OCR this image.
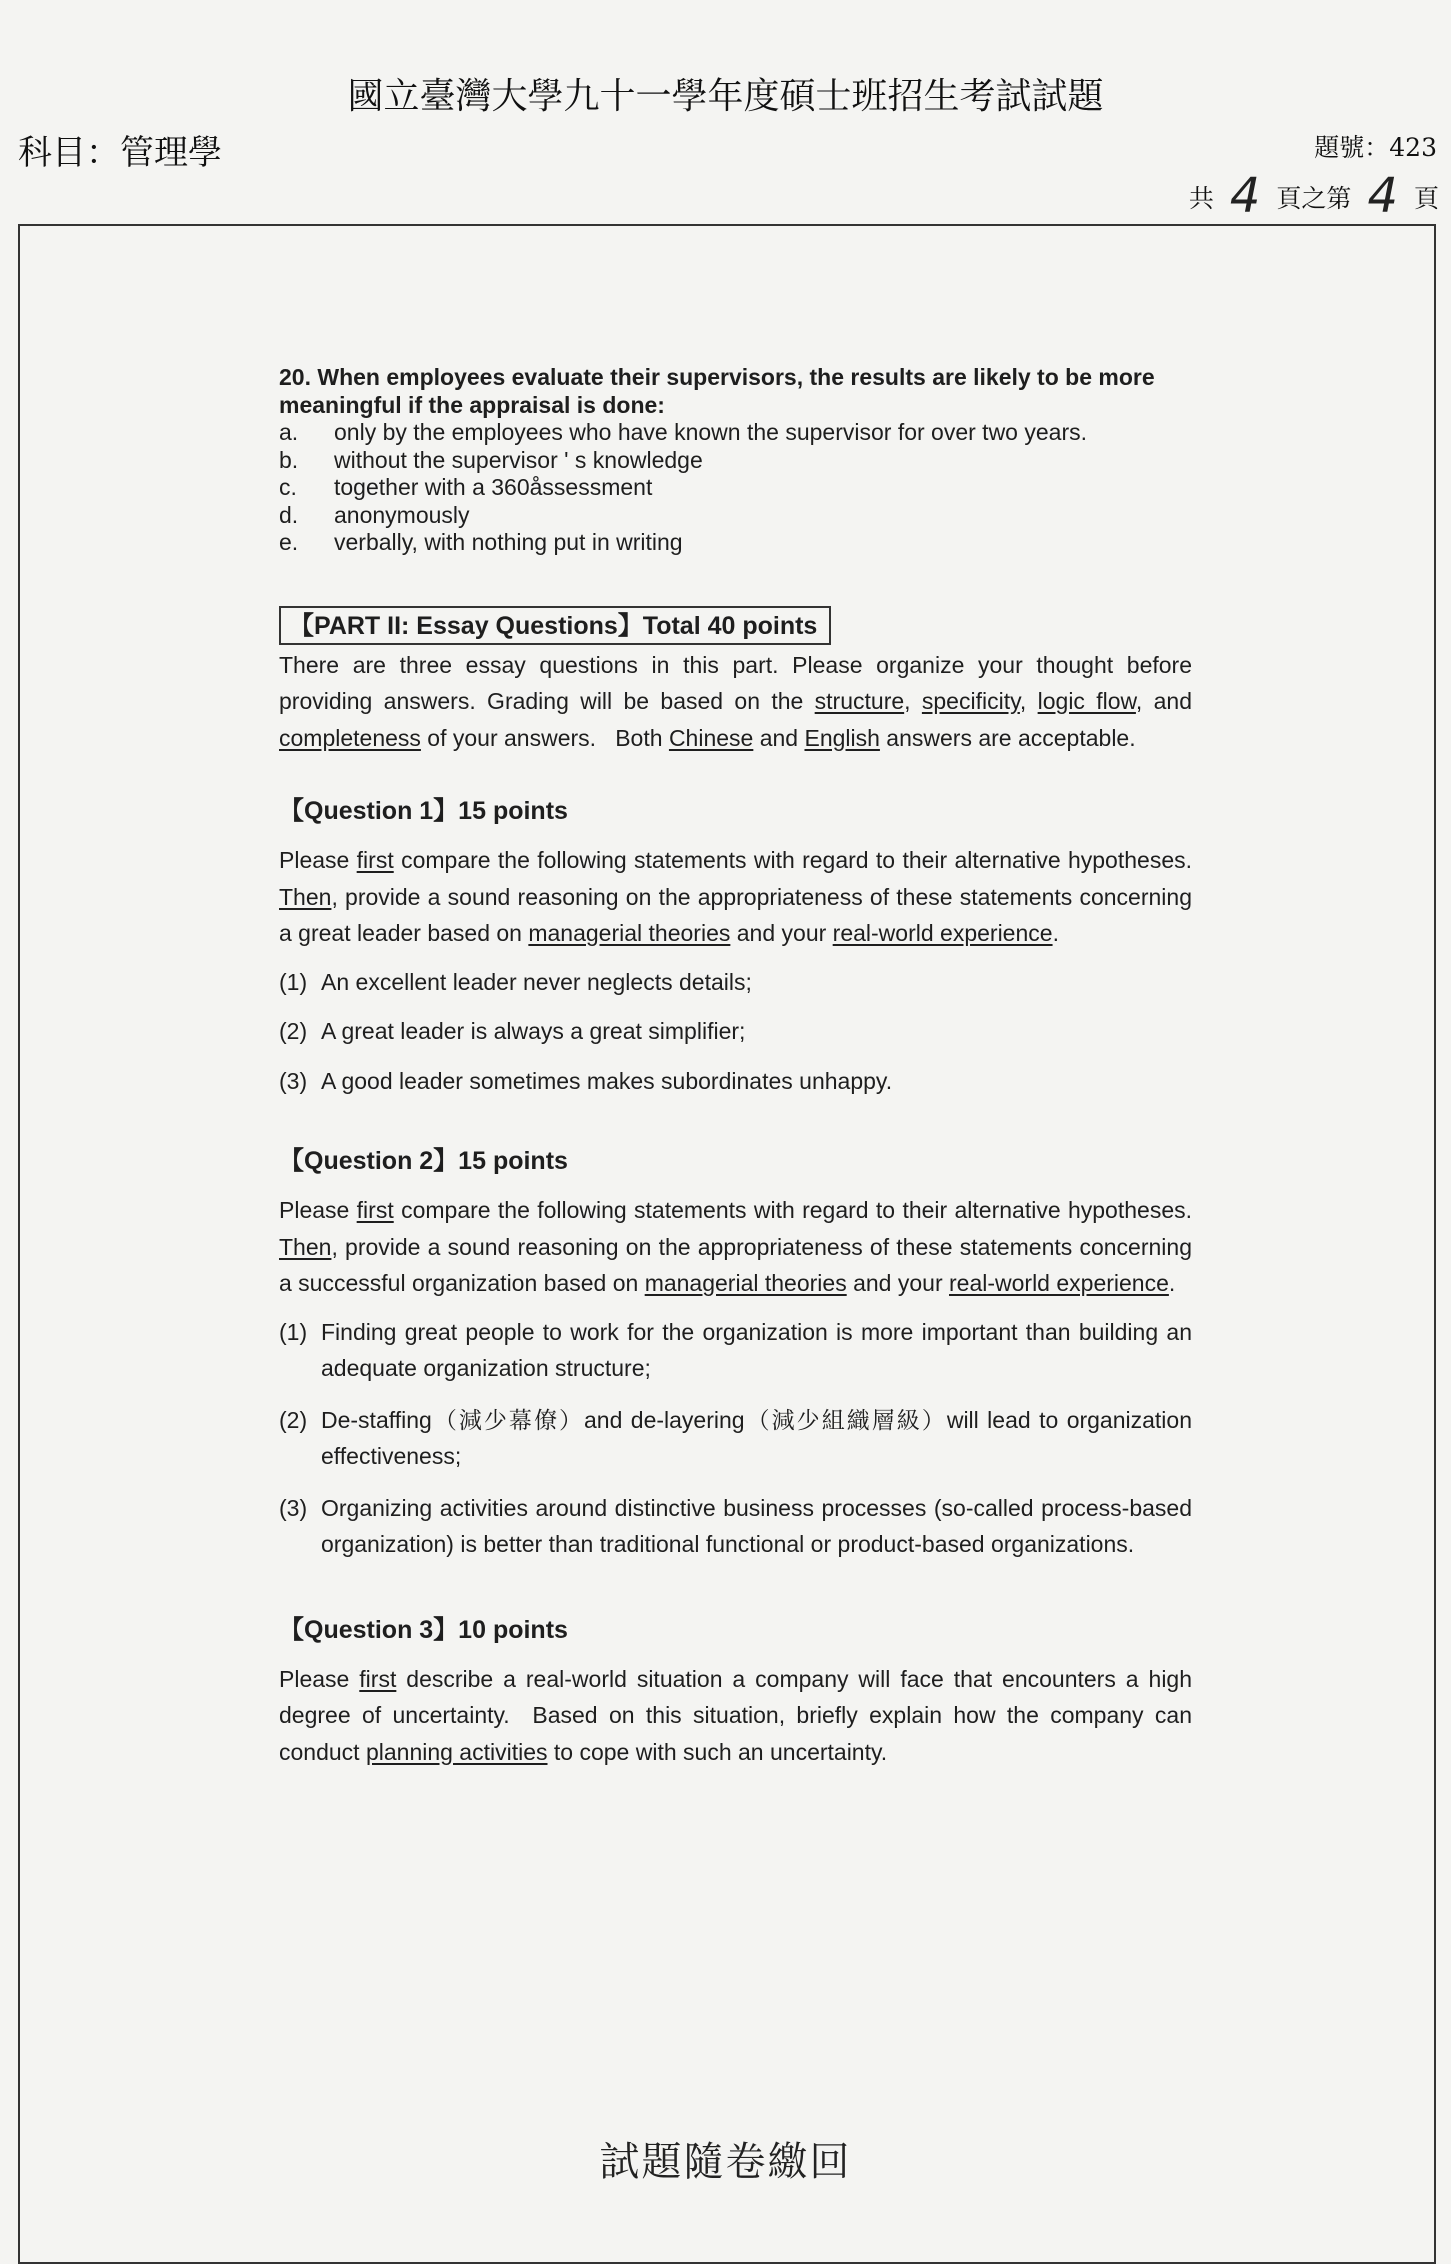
國立臺灣大學九十一學年度碩士班招生考試試題
科目：管理學	題號：423
共 4 頁之第 4 頁

20. When employees evaluate their supervisors, the results are likely to be more meaningful if the appraisal is done:

a.	only by the employees who have known the supervisor for over two years.
b.	without the supervisor ' s knowledge
c.	together with a 360åssessment
d.	anonymously
e.	verbally, with nothing put in writing
【PART II: Essay Questions】Total 40 points

There are three essay questions in this part. Please organize your thought before providing answers. Grading will be based on the structure, specificity, logic flow, and completeness of your answers.   Both Chinese and English answers are acceptable.

【Question 1】15 points

Please first compare the following statements with regard to their alternative hypotheses.  Then, provide a sound reasoning on the appropriateness of these statements concerning a great leader based on managerial theories and your real-world experience.

(1) An excellent leader never neglects details;
(2) A great leader is always a great simplifier;
(3) A good leader sometimes makes subordinates unhappy.

【Question 2】15 points

Please first compare the following statements with regard to their alternative hypotheses.  Then, provide a sound reasoning on the appropriateness of these statements concerning a successful organization based on managerial theories and your real-world experience.

(1) Finding great people to work for the organization is more important than building an adequate organization structure;
(2) De-staffing（減少幕僚）and de-layering（減少組織層級）will lead to organization effectiveness;
(3) Organizing activities around distinctive business processes (so-called process-based organization) is better than traditional functional or product-based organizations.

【Question 3】10 points

Please first describe a real-world situation a company will face that encounters a high degree of uncertainty.  Based on this situation, briefly explain how the company can conduct planning activities to cope with such an uncertainty.

試題隨卷繳回
